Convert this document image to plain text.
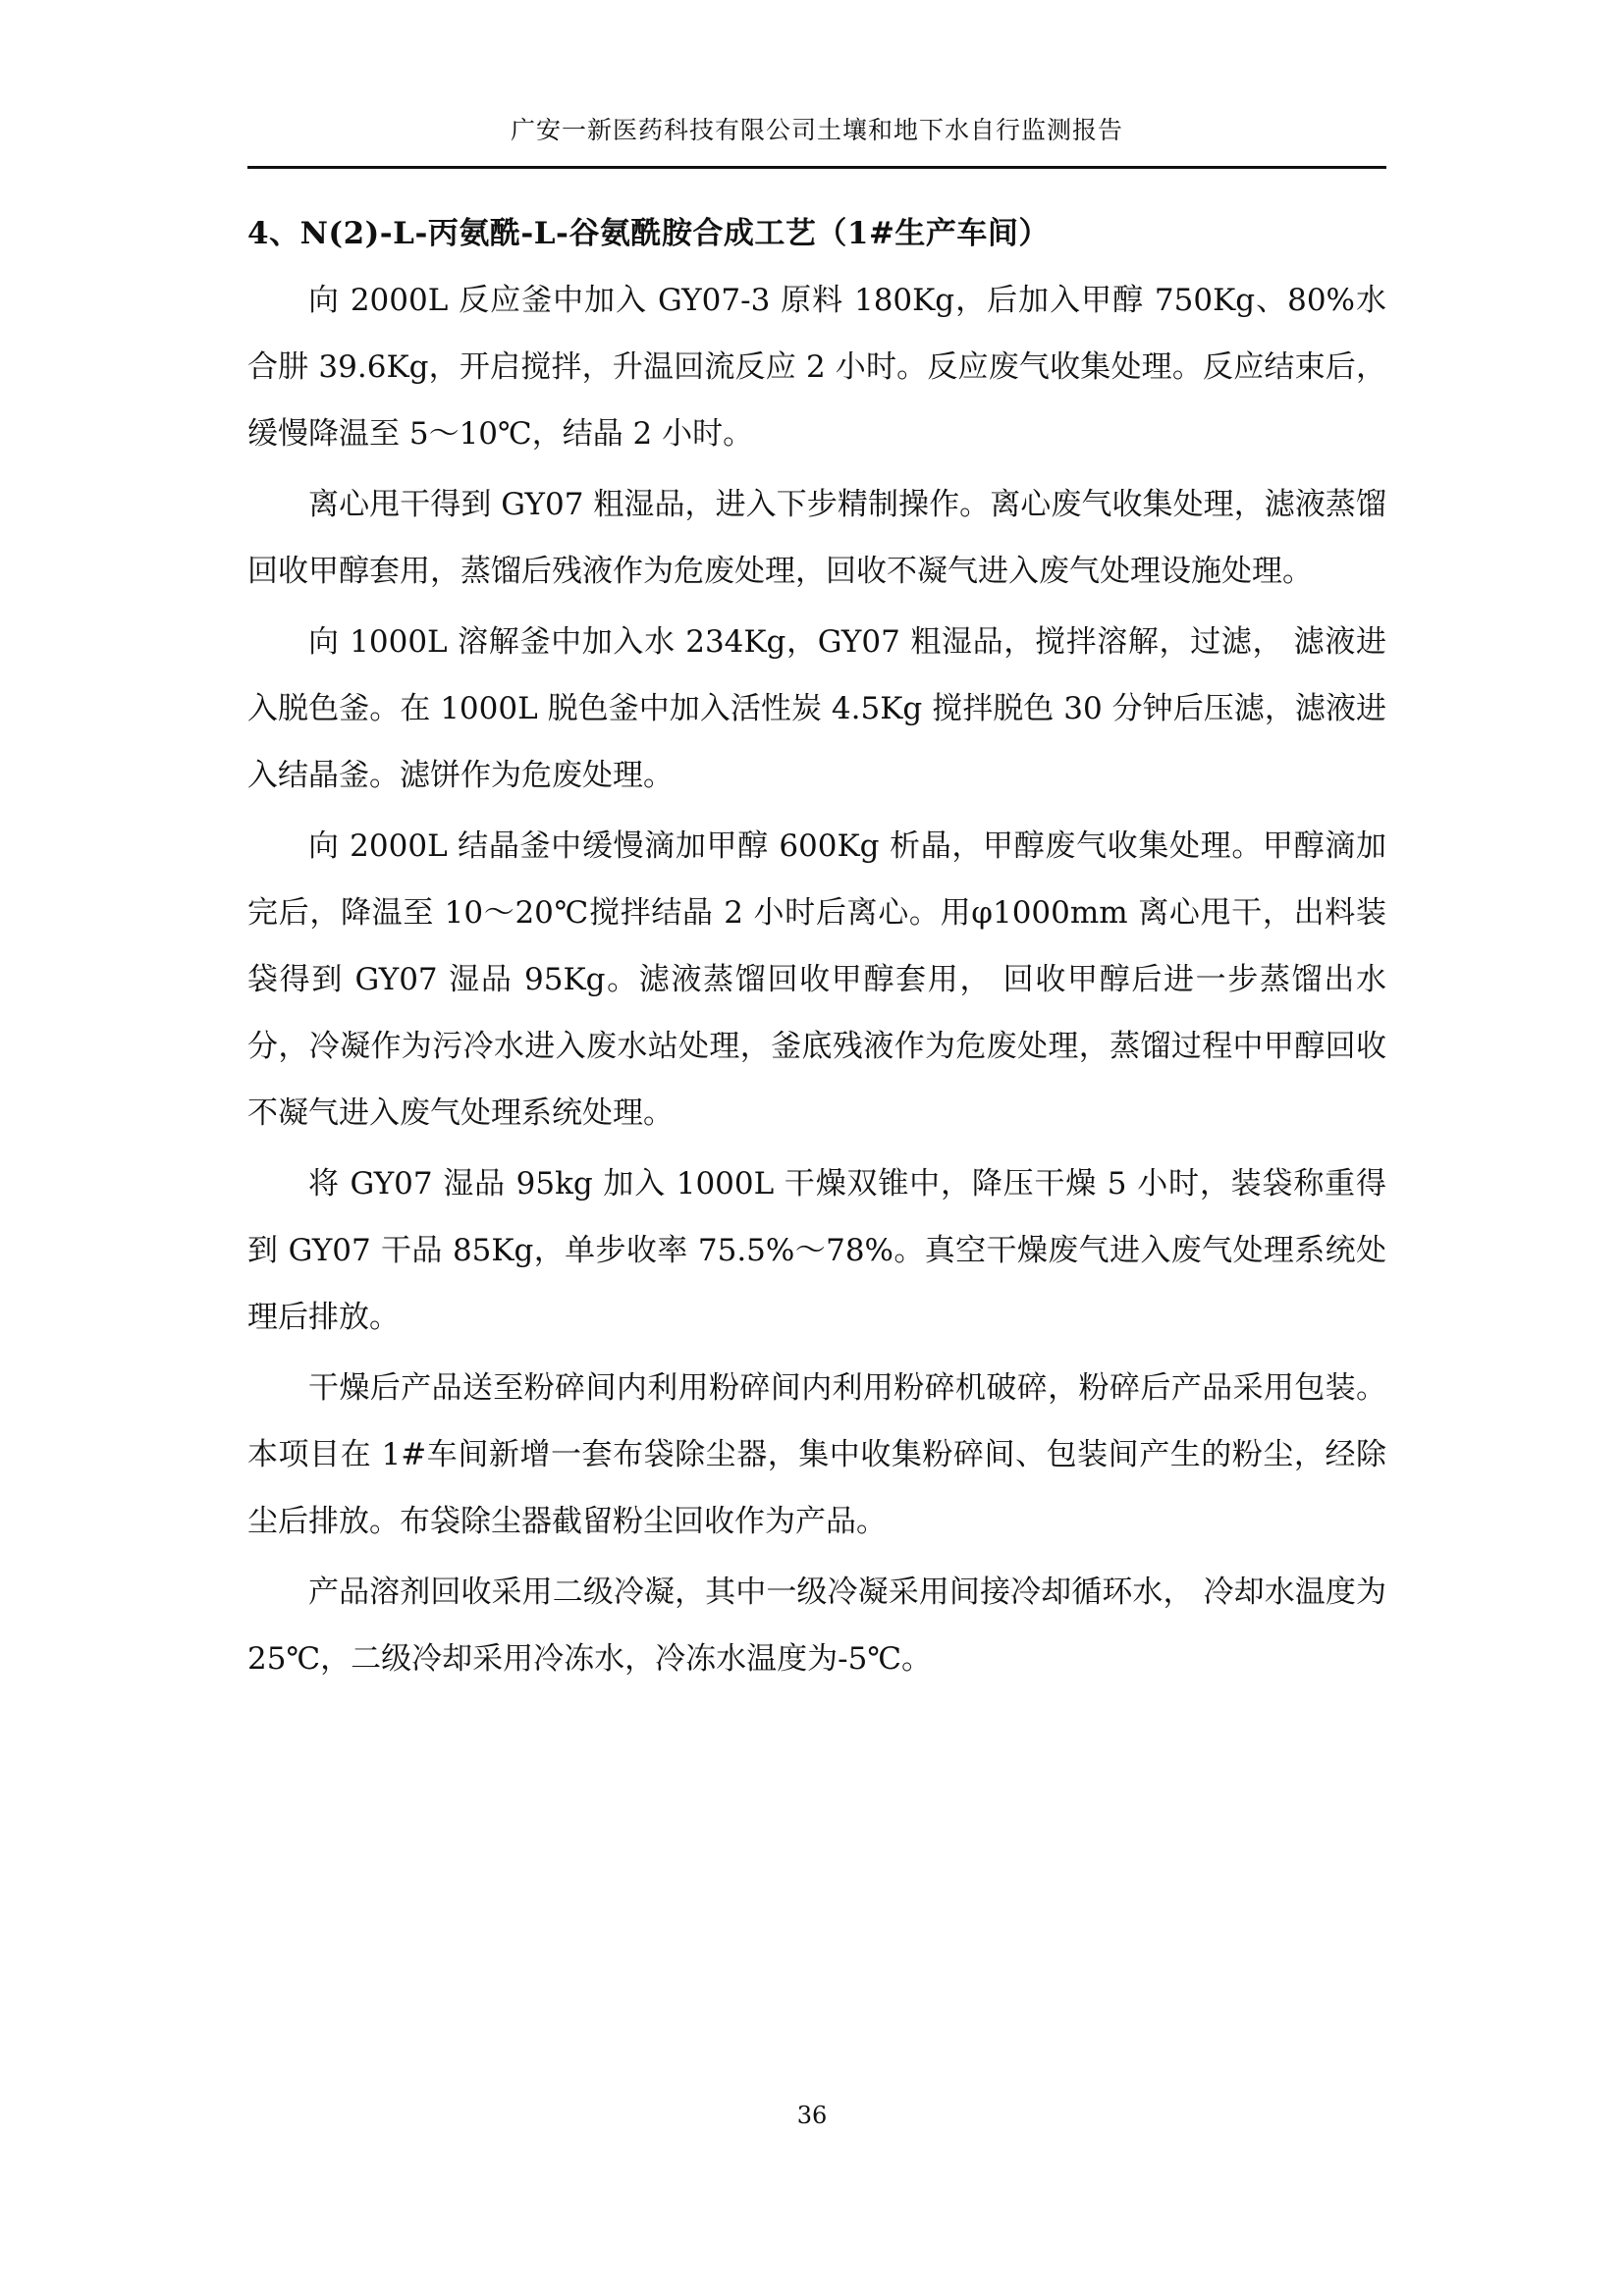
广安一新医药科技有限公司土壤和地下水自行监测报告
4、N(2)-L-丙氨酰-L-谷氨酰胺合成工艺（1#生产车间）

向 2000L 反应釜中加入 GY07-3 原料 180Kg，后加入甲醇 750Kg、80%水合肼 39.6Kg，开启搅拌，升温回流反应 2 小时。反应废气收集处理。反应结束后，缓慢降温至 5～10℃，结晶 2 小时。

离心甩干得到 GY07 粗湿品，进入下步精制操作。离心废气收集处理，滤液蒸馏回收甲醇套用，蒸馏后残液作为危废处理，回收不凝气进入废气处理设施处理。

向 1000L 溶解釜中加入水 234Kg，GY07 粗湿品，搅拌溶解，过滤， 滤液进入脱色釜。在 1000L 脱色釜中加入活性炭 4.5Kg 搅拌脱色 30 分钟后压滤，滤液进入结晶釜。滤饼作为危废处理。

向 2000L 结晶釜中缓慢滴加甲醇 600Kg 析晶，甲醇废气收集处理。甲醇滴加完后，降温至 10～20℃搅拌结晶 2 小时后离心。用φ1000mm 离心甩干，出料装袋得到 GY07 湿品 95Kg。滤液蒸馏回收甲醇套用， 回收甲醇后进一步蒸馏出水分，冷凝作为污冷水进入废水站处理，釜底残液作为危废处理，蒸馏过程中甲醇回收不凝气进入废气处理系统处理。

将 GY07 湿品 95kg 加入 1000L 干燥双锥中，降压干燥 5 小时，装袋称重得到 GY07 干品 85Kg，单步收率 75.5%～78%。真空干燥废气进入废气处理系统处理后排放。

干燥后产品送至粉碎间内利用粉碎间内利用粉碎机破碎，粉碎后产品采用包装。本项目在 1#车间新增一套布袋除尘器，集中收集粉碎间、包装间产生的粉尘，经除尘后排放。布袋除尘器截留粉尘回收作为产品。

产品溶剂回收采用二级冷凝，其中一级冷凝采用间接冷却循环水， 冷却水温度为 25℃，二级冷却采用冷冻水，冷冻水温度为-5℃。

36
